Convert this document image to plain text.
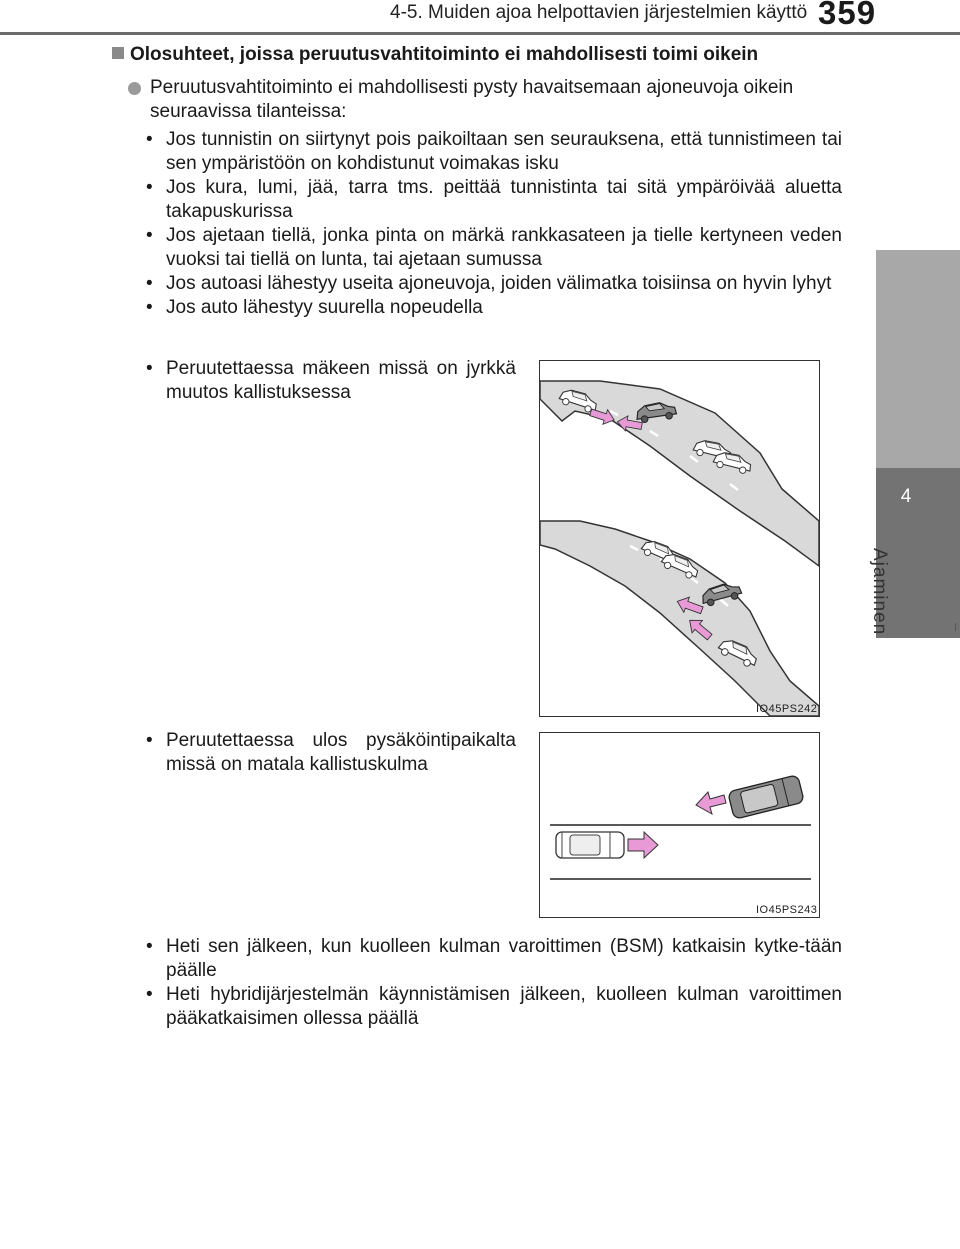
4-5. Muiden ajoa helpottavien järjestelmien käyttö 359
4
Ajaminen
Olosuhteet, joissa peruutusvahtitoiminto ei mahdollisesti toimi oikein
Peruutusvahtitoiminto ei mahdollisesti pysty havaitsemaan ajoneuvoja oikein
seuraavissa tilanteissa:
• Jos tunnistin on siirtynyt pois paikoiltaan sen seurauksena, että tunnistimeen tai sen ympäristöön on kohdistunut voimakas isku
• Jos kura, lumi, jää, tarra tms. peittää tunnistinta tai sitä ympäröivää aluetta takapuskurissa
• Jos ajetaan tiellä, jonka pinta on märkä rankkasateen ja tielle kertyneen veden vuoksi tai tiellä on lunta, tai ajetaan sumussa
• Jos autoasi lähestyy useita ajoneuvoja, joiden välimatka toisiinsa on hyvin lyhyt
• Jos auto lähestyy suurella nopeudella
• Peruutettaessa mäkeen missä on jyrkkä muutos kallistuksessa
IO45PS242
• Peruutettaessa ulos pysäköintipaikalta missä on matala kallistuskulma
IO45PS243
• Heti sen jälkeen, kun kuolleen kulman varoittimen (BSM) katkaisin kytke-tään päälle
• Heti hybridijärjestelmän käynnistämisen jälkeen, kuolleen kulman varoittimen pääkatkaisimen ollessa päällä
